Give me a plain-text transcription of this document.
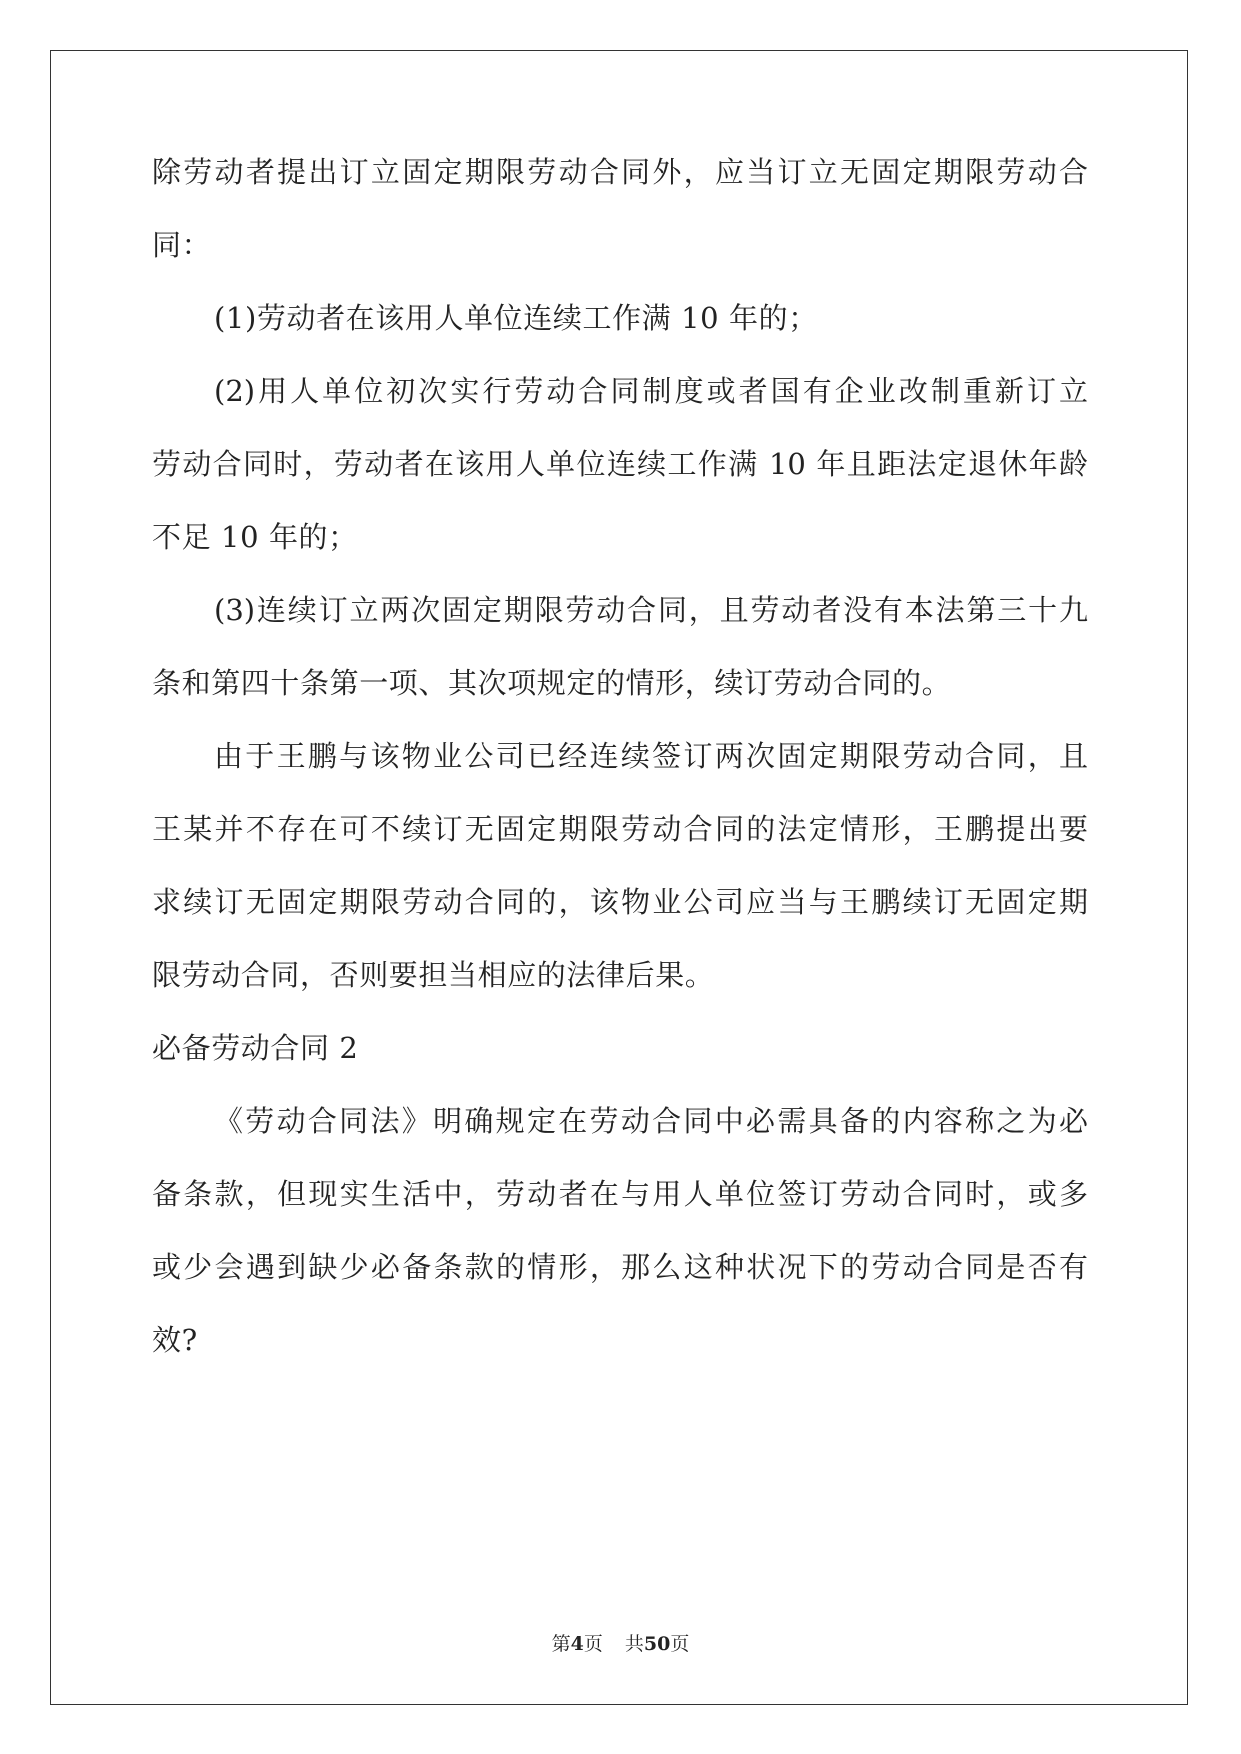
除劳动者提出订立固定期限劳动合同外，应当订立无固定期限劳动合
同：
(1)劳动者在该用人单位连续工作满 10 年的；
(2)用人单位初次实行劳动合同制度或者国有企业改制重新订立
劳动合同时，劳动者在该用人单位连续工作满 10 年且距法定退休年龄
不足 10 年的；
(3)连续订立两次固定期限劳动合同，且劳动者没有本法第三十九
条和第四十条第一项、其次项规定的情形，续订劳动合同的。
由于王鹏与该物业公司已经连续签订两次固定期限劳动合同，且
王某并不存在可不续订无固定期限劳动合同的法定情形，王鹏提出要
求续订无固定期限劳动合同的，该物业公司应当与王鹏续订无固定期
限劳动合同，否则要担当相应的法律后果。
必备劳动合同 2
《劳动合同法》明确规定在劳动合同中必需具备的内容称之为必
备条款，但现实生活中，劳动者在与用人单位签订劳动合同时，或多
或少会遇到缺少必备条款的情形，那么这种状况下的劳动合同是否有
效?
第4页 共50页
